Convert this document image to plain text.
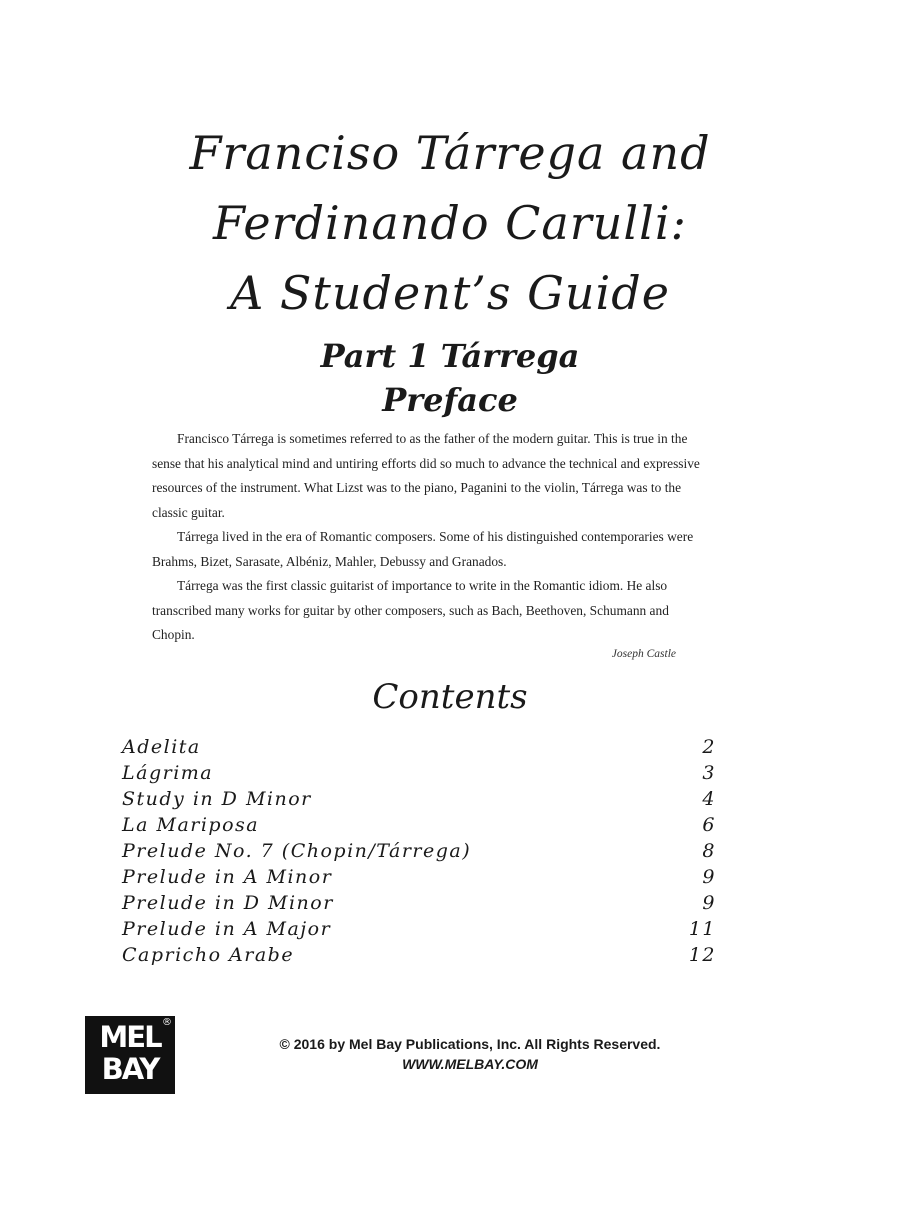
Franciso Tárrega and
Ferdinando Carulli:
A Student’s Guide
Part 1 Tárrega
Preface

Francisco Tárrega is sometimes referred to as the father of the modern guitar. This is true in the sense that his analytical mind and untiring efforts did so much to advance the technical and expressive resources of the instrument. What Lizst was to the piano, Paganini to the violin, Tárrega was to the classic guitar.

Tárrega lived in the era of Romantic composers. Some of his distinguished contemporaries were Brahms, Bizet, Sarasate, Albéniz, Mahler, Debussy and Granados.

Tárrega was the first classic guitarist of importance to write in the Romantic idiom. He also transcribed many works for guitar by other composers, such as Bach, Beethoven, Schumann and Chopin.

Joseph Castle
Contents
Adelita	2
Lágrima	3
Study in D Minor	4
La Mariposa	6
Prelude No. 7 (Chopin/Tárrega)	8
Prelude in A Minor	9
Prelude in D Minor	9
Prelude in A Major	11
Capricho Arabe	12
MEL
BAY
®
© 2016 by Mel Bay Publications, Inc. All Rights Reserved.
WWW.MELBAY.COM
